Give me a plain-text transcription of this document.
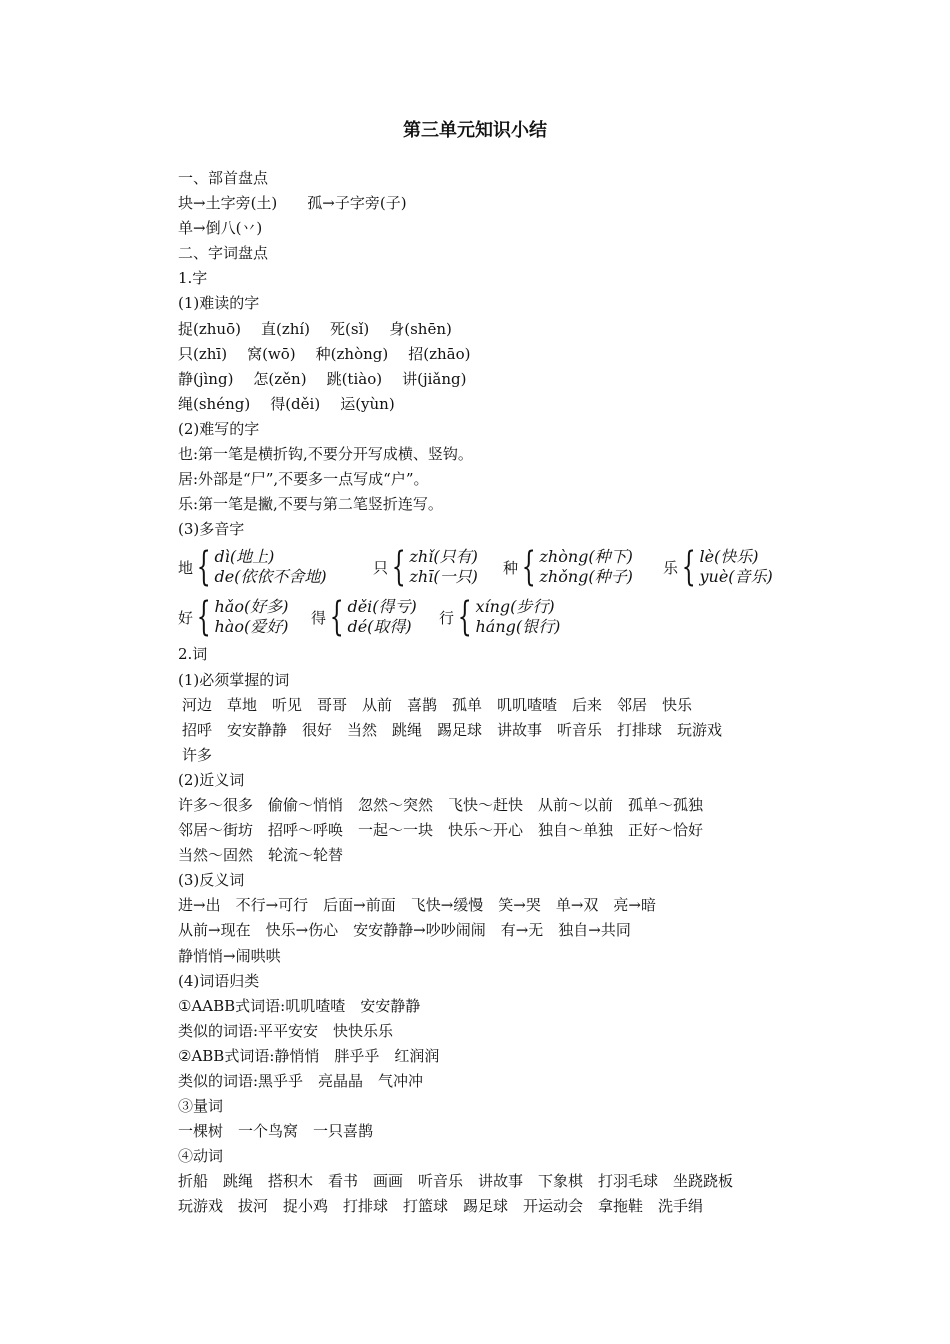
第三单元知识小结
一、部首盘点
块→土字旁(土)　　 孤→子字旁(子)
单→倒八(丷)
二、字词盘点
1.字
(1)难读的字
捉(zhuō) 直(zhí) 死(sǐ) 身(shēn)
只(zhī) 窝(wō) 种(zhòng) 招(zhāo)
静(jìng) 怎(zěn) 跳(tiào) 讲(jiǎng)
绳(shéng) 得(děi) 运(yùn)
(2)难写的字
也:第一笔是横折钩,不要分开写成横、竖钩。
居:外部是“尸”,不要多一点写成“户”。
乐:第一笔是撇,不要与第二笔竖折连写。
(3)多音字
地 { dì(地上)
de(依依不舍地)	只 { zhǐ(只有)
zhī(一只) 种 { zhòng(种下)
zhǒng(种子) 乐 { lè(快乐)
yuè(音乐)
好 { hǎo(好多)
hào(爱好) 得 { děi(得亏)
dé(取得)	行 { xíng(步行)
háng(银行)
2.词
(1)必须掌握的词
河边　草地　听见　哥哥　从前　喜鹊　孤单　叽叽喳喳　后来　邻居　快乐
招呼　安安静静　很好　当然　跳绳　踢足球　讲故事　听音乐　打排球　玩游戏
许多
(2)近义词
许多～很多　偷偷～悄悄　忽然～突然　飞快～赶快　从前～以前　孤单～孤独
邻居～街坊　招呼～呼唤　一起～一块　快乐～开心　独自～单独　正好～恰好
当然～固然　轮流～轮替
(3)反义词
进→出　不行→可行　后面→前面　飞快→缓慢　笑→哭　单→双　亮→暗
从前→现在　快乐→伤心　安安静静→吵吵闹闹　有→无　独自→共同
静悄悄→闹哄哄
(4)词语归类
①AABB式词语:叽叽喳喳　安安静静
类似的词语:平平安安　快快乐乐
②ABB式词语:静悄悄　胖乎乎　红润润
类似的词语:黑乎乎　亮晶晶　气冲冲
③量词
一棵树　一个鸟窝　一只喜鹊
④动词
折船　跳绳　搭积木　看书　画画　听音乐　讲故事　下象棋　打羽毛球　坐跷跷板
玩游戏　拔河　捉小鸡　打排球　打篮球　踢足球　开运动会　拿拖鞋　洗手绢
